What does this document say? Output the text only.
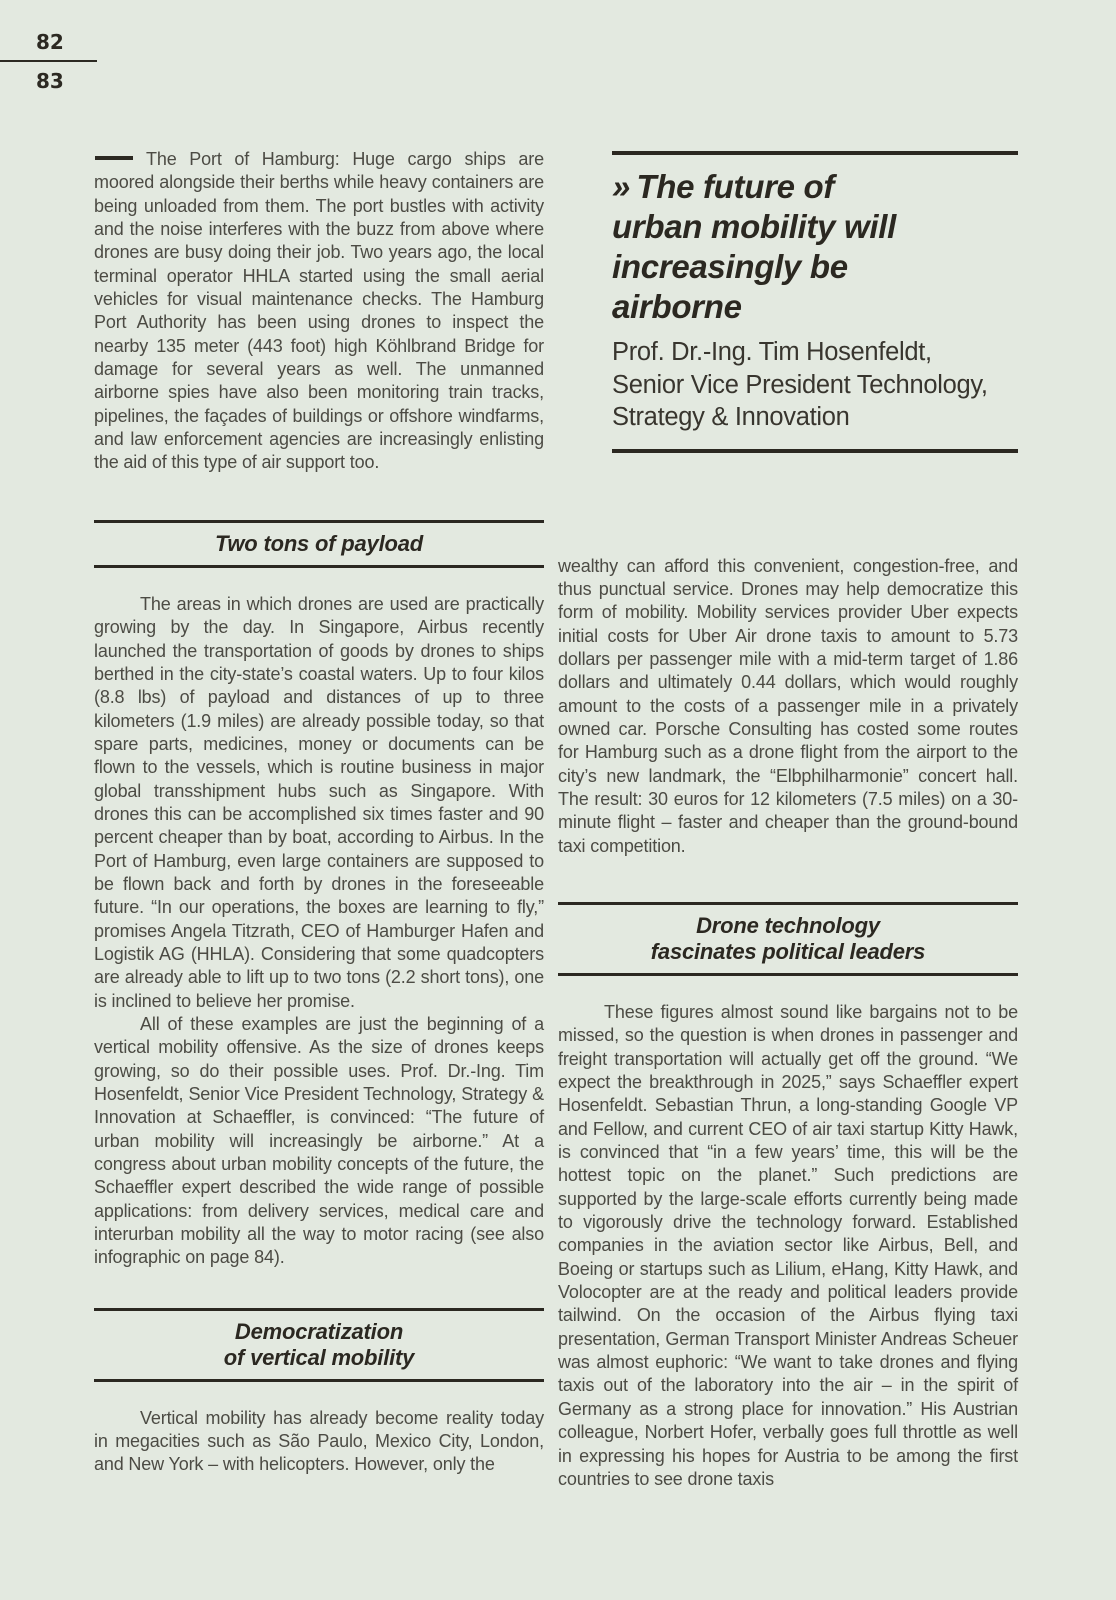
82
83

The Port of Hamburg: Huge cargo ships are moored alongside their berths while heavy containers are being unloaded from them. The port bustles with activity and the noise interferes with the buzz from above where drones are busy doing their job. Two years ago, the local terminal operator HHLA started using the small aerial vehicles for visual maintenance checks. The Hamburg Port Authority has been using drones to inspect the nearby 135 meter (443 foot) high Köhlbrand Bridge for damage for several years as well. The unmanned airborne spies have also been monitoring train tracks, pipelines, the façades of buildings or offshore windfarms, and law enforcement agencies are increasingly enlisting the aid of this type of air support too.

Two tons of payload

The areas in which drones are used are practically growing by the day. In Singapore, Airbus recently launched the transportation of goods by drones to ships berthed in the city-state’s coastal waters. Up to four kilos (8.8 lbs) of payload and distances of up to three kilometers (1.9 miles) are already possible today, so that spare parts, medicines, money or documents can be flown to the vessels, which is routine business in major global transshipment hubs such as Singapore. With drones this can be accomplished six times faster and 90 percent cheaper than by boat, according to Airbus. In the Port of Hamburg, even large containers are supposed to be flown back and forth by drones in the foreseeable future. “In our operations, the boxes are learning to fly,” promises Angela Titzrath, CEO of Hamburger Hafen and Logistik AG (HHLA). Considering that some quadcopters are already able to lift up to two tons (2.2 short tons), one is inclined to believe her promise.

All of these examples are just the beginning of a vertical mobility offensive. As the size of drones keeps growing, so do their possible uses. Prof. Dr.-Ing. Tim Hosenfeldt, Senior Vice President Technology, Strategy & Innovation at Schaeffler, is convinced: “The future of urban mobility will increasingly be airborne.” At a congress about urban mobility concepts of the future, the Schaeffler expert described the wide range of possible applications: from delivery services, medical care and interurban mobility all the way to motor racing (see also infographic on page 84).

Democratization
of vertical mobility

Vertical mobility has already become reality today in megacities such as São Paulo, Mexico City, London, and New York – with helicopters. However, only the

» The future of
urban mobility will
increasingly be
airborne
Prof. Dr.-Ing. Tim Hosenfeldt,
Senior Vice President Technology,
Strategy & Innovation

wealthy can afford this convenient, congestion-free, and thus punctual service. Drones may help democratize this form of mobility. Mobility services provider Uber expects initial costs for Uber Air drone taxis to amount to 5.73 dollars per passenger mile with a mid-term target of 1.86 dollars and ultimately 0.44 dollars, which would roughly amount to the costs of a passenger mile in a privately owned car. Porsche Consulting has costed some routes for Hamburg such as a drone flight from the airport to the city’s new landmark, the “Elbphilharmonie” concert hall. The result: 30 euros for 12 kilometers (7.5 miles) on a 30-minute flight – faster and cheaper than the ground-bound taxi competition.

Drone technology
fascinates political leaders

These figures almost sound like bargains not to be missed, so the question is when drones in passenger and freight transportation will actually get off the ground. “We expect the breakthrough in 2025,” says Schaeffler expert Hosenfeldt. Sebastian Thrun, a long-standing Google VP and Fellow, and current CEO of air taxi startup Kitty Hawk, is convinced that “in a few years’ time, this will be the hottest topic on the planet.” Such predictions are supported by the large-scale efforts currently being made to vigorously drive the technology forward. Established companies in the aviation sector like Airbus, Bell, and Boeing or startups such as Lilium, eHang, Kitty Hawk, and Volocopter are at the ready and political leaders provide tailwind. On the occasion of the Airbus flying taxi presentation, German Transport Minister Andreas Scheuer was almost euphoric: “We want to take drones and flying taxis out of the laboratory into the air – in the spirit of Germany as a strong place for innovation.” His Austrian colleague, Norbert Hofer, verbally goes full throttle as well in expressing his hopes for Austria to be among the first countries to see drone taxis
